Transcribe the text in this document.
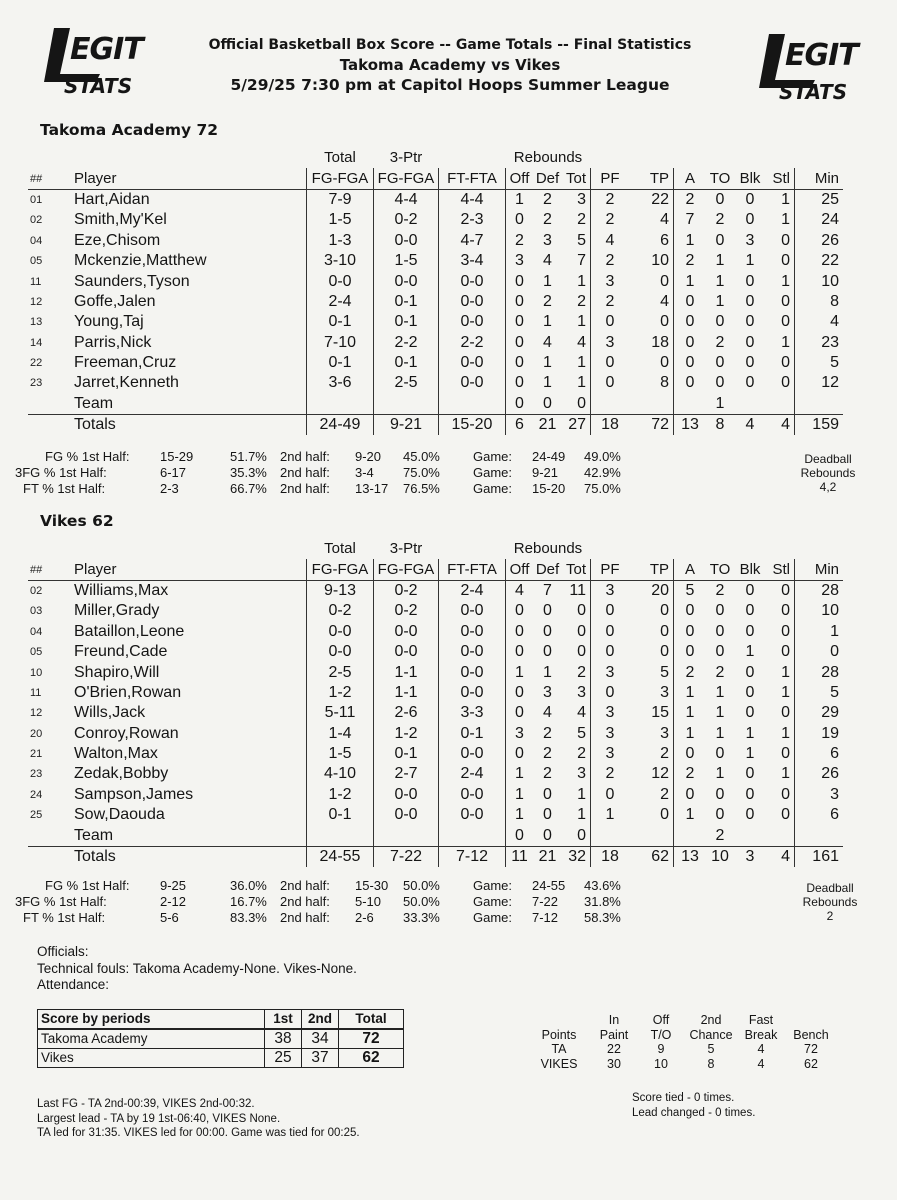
EGIT
STATS
EGIT
STATS
Official Basketball Box Score -- Game Totals -- Final Statistics
Takoma Academy vs Vikes
5/29/25 7:30 pm at Capitol Hoops Summer League
Takoma Academy 72
		Total	3-Ptr		Rebounds									
##	Player	FG-FGA	FG-FGA	FT-FTA	Off	Def	Tot	PF	TP	A	TO	Blk	Stl	Min
01	Hart,Aidan	7-9	4-4	4-4	1	2	3	2	22	2	0	0	1	25
02	Smith,My'Kel	1-5	0-2	2-3	0	2	2	2	4	7	2	0	1	24
04	Eze,Chisom	1-3	0-0	4-7	2	3	5	4	6	1	0	3	0	26
05	Mckenzie,Matthew	3-10	1-5	3-4	3	4	7	2	10	2	1	1	0	22
11	Saunders,Tyson	0-0	0-0	0-0	0	1	1	3	0	1	1	0	1	10
12	Goffe,Jalen	2-4	0-1	0-0	0	2	2	2	4	0	1	0	0	8
13	Young,Taj	0-1	0-1	0-0	0	1	1	0	0	0	0	0	0	4
14	Parris,Nick	7-10	2-2	2-2	0	4	4	3	18	0	2	0	1	23
22	Freeman,Cruz	0-1	0-1	0-0	0	1	1	0	0	0	0	0	0	5
23	Jarret,Kenneth	3-6	2-5	0-0	0	1	1	0	8	0	0	0	0	12
	Team				0	0	0				1			
	Totals	24-49	9-21	15-20	6	21	27	18	72	13	8	4	4	159
FG % 1st Half: 15-29	51.7% 2nd half: 9-20 45.0%	Game: 24-49 49.0%
3FG % 1st Half:	6-17	35.3% 2nd half: 3-4 75.0%	Game: 9-21 42.9%
FT % 1st Half:	2-3	66.7% 2nd half: 13-17 76.5%	Game: 15-20 75.0%
Deadball
Rebounds
4,2
Vikes 62
		Total	3-Ptr		Rebounds									
##	Player	FG-FGA	FG-FGA	FT-FTA	Off	Def	Tot	PF	TP	A	TO	Blk	Stl	Min
02	Williams,Max	9-13	0-2	2-4	4	7	11	3	20	5	2	0	0	28
03	Miller,Grady	0-2	0-2	0-0	0	0	0	0	0	0	0	0	0	10
04	Bataillon,Leone	0-0	0-0	0-0	0	0	0	0	0	0	0	0	0	1
05	Freund,Cade	0-0	0-0	0-0	0	0	0	0	0	0	0	1	0	0
10	Shapiro,Will	2-5	1-1	0-0	1	1	2	3	5	2	2	0	1	28
11	O'Brien,Rowan	1-2	1-1	0-0	0	3	3	0	3	1	1	0	1	5
12	Wills,Jack	5-11	2-6	3-3	0	4	4	3	15	1	1	0	0	29
20	Conroy,Rowan	1-4	1-2	0-1	3	2	5	3	3	1	1	1	1	19
21	Walton,Max	1-5	0-1	0-0	0	2	2	3	2	0	0	1	0	6
23	Zedak,Bobby	4-10	2-7	2-4	1	2	3	2	12	2	1	0	1	26
24	Sampson,James	1-2	0-0	0-0	1	0	1	0	2	0	0	0	0	3
25	Sow,Daouda	0-1	0-0	0-0	1	0	1	1	0	1	0	0	0	6
	Team				0	0	0				2			
	Totals	24-55	7-22	7-12	11	21	32	18	62	13	10	3	4	161
FG % 1st Half: 9-25	36.0% 2nd half: 15-30 50.0%	Game: 24-55 43.6%
3FG % 1st Half:	2-12	16.7% 2nd half: 5-10 50.0%	Game: 7-22 31.8%
FT % 1st Half:	5-6	83.3% 2nd half: 2-6 33.3%	Game: 7-12 58.3%
Deadball
Rebounds
2
Officials:
Technical fouls: Takoma Academy-None. Vikes-None.
Attendance:
Score by periods	1st	2nd	Total
Takoma Academy	38	34	72
Vikes	25	37	62
	In	Off	2nd	Fast	
Points	Paint	T/O	Chance	Break	Bench
TA	22	9	5	4	72
VIKES	30	10	8	4	62
Last FG - TA 2nd-00:39, VIKES 2nd-00:32.
Largest lead - TA by 19 1st-06:40, VIKES None.
TA led for 31:35. VIKES led for 00:00. Game was tied for 00:25.
Score tied - 0 times.
Lead changed - 0 times.
